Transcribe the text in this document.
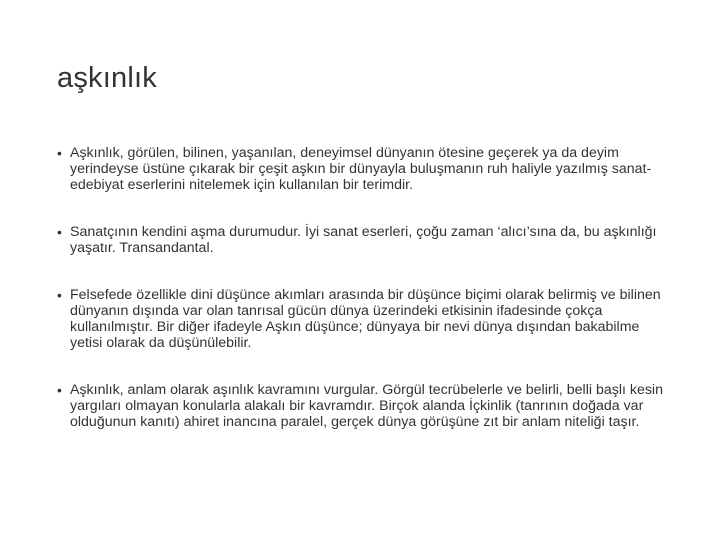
aşkınlık
• Aşkınlık, görülen, bilinen, yaşanılan, deneyimsel dünyanın ötesine geçerek ya da deyim yerindeyse üstüne çıkarak bir çeşit aşkın bir dünyayla buluşmanın ruh haliyle yazılmış sanat-edebiyat eserlerini nitelemek için kullanılan bir terimdir.
• Sanatçının kendini aşma durumudur. İyi sanat eserleri, çoğu zaman ‘alıcı’sına da, bu aşkınlığı yaşatır. Transandantal.
• Felsefede özellikle dini düşünce akımları arasında bir düşünce biçimi olarak belirmiş ve bilinen dünyanın dışında var olan tanrısal gücün dünya üzerindeki etkisinin ifadesinde çokça kullanılmıştır. Bir diğer ifadeyle Aşkın düşünce; dünyaya bir nevi dünya dışından bakabilme yetisi olarak da düşünülebilir.
• Aşkınlık, anlam olarak aşınlık kavramını vurgular. Görgül tecrübelerle ve belirli, belli başlı kesin yargıları olmayan konularla alakalı bir kavramdır. Birçok alanda İçkinlik (tanrının doğada var olduğunun kanıtı) ahiret inancına paralel, gerçek dünya görüşüne zıt bir anlam niteliği taşır.
